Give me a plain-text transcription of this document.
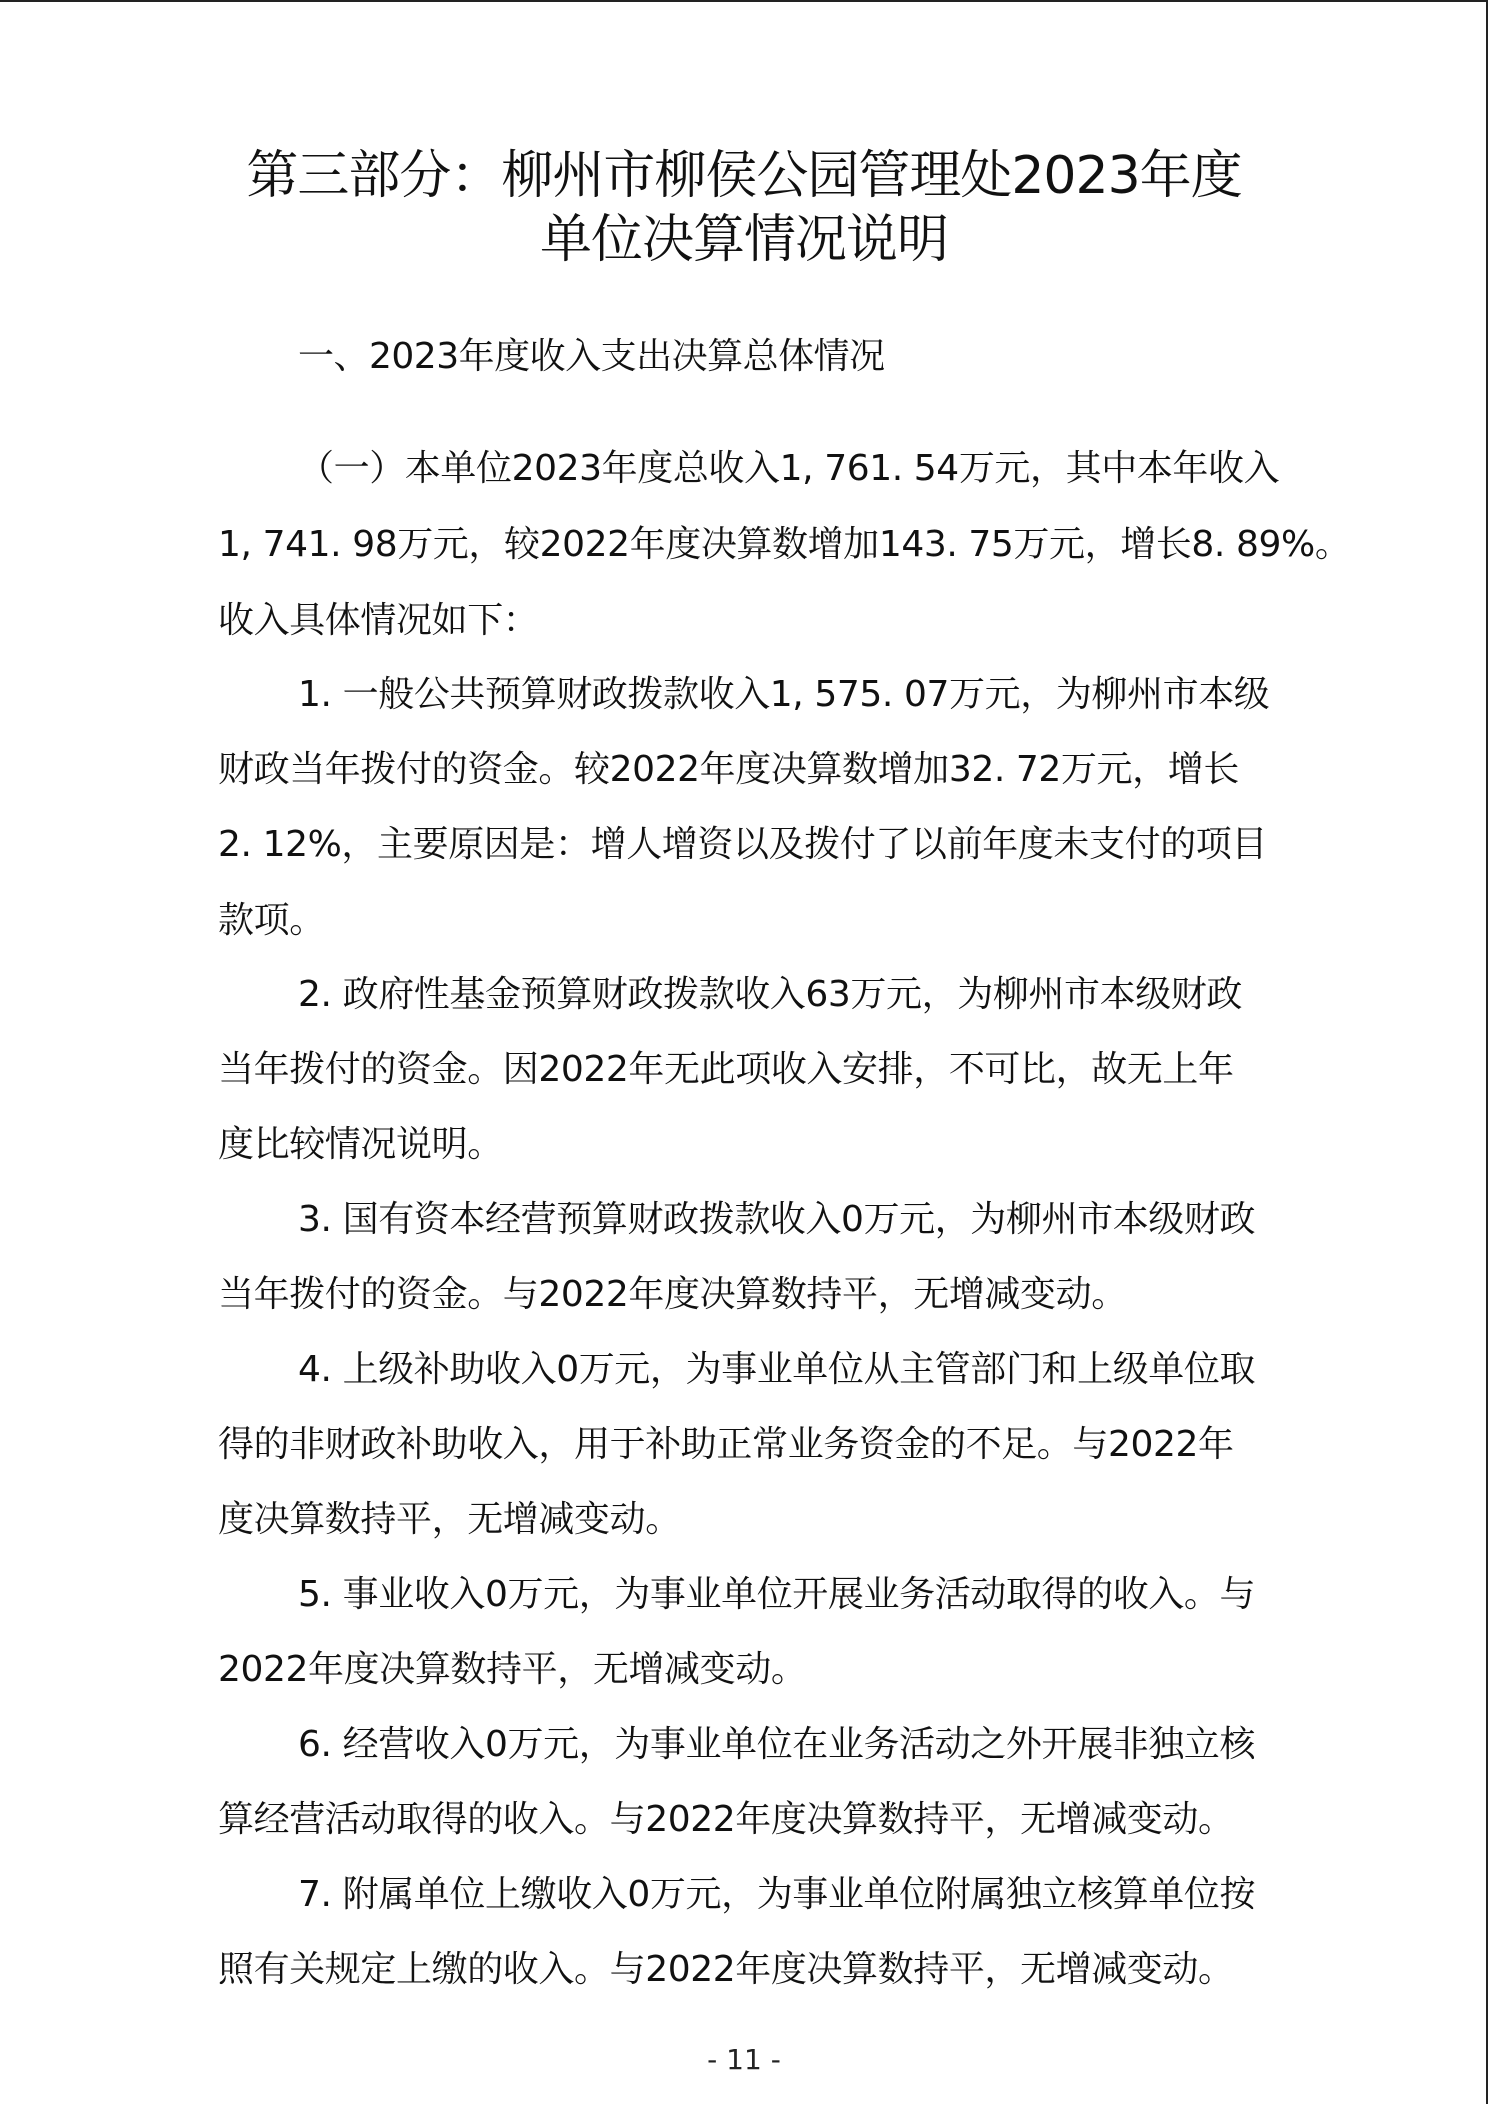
第三部分：柳州市柳侯公园管理处2023年度
单位决算情况说明
一、2023年度收入支出决算总体情况
（一）本单位2023年度总收入1, 761. 54万元，其中本年收入
1, 741. 98万元，较2022年度决算数增加143. 75万元，增长8. 89%。
收入具体情况如下：
1. 一般公共预算财政拨款收入1, 575. 07万元，为柳州市本级
财政当年拨付的资金。较2022年度决算数增加32. 72万元，增长
2. 12%，主要原因是：增人增资以及拨付了以前年度未支付的项目
款项。
2. 政府性基金预算财政拨款收入63万元，为柳州市本级财政
当年拨付的资金。因2022年无此项收入安排，不可比，故无上年
度比较情况说明。
3. 国有资本经营预算财政拨款收入0万元，为柳州市本级财政
当年拨付的资金。与2022年度决算数持平，无增减变动。
4. 上级补助收入0万元，为事业单位从主管部门和上级单位取
得的非财政补助收入，用于补助正常业务资金的不足。与2022年
度决算数持平，无增减变动。
5. 事业收入0万元，为事业单位开展业务活动取得的收入。与
2022年度决算数持平，无增减变动。
6. 经营收入0万元，为事业单位在业务活动之外开展非独立核
算经营活动取得的收入。与2022年度决算数持平，无增减变动。
7. 附属单位上缴收入0万元，为事业单位附属独立核算单位按
照有关规定上缴的收入。与2022年度决算数持平，无增减变动。
- 11 -
